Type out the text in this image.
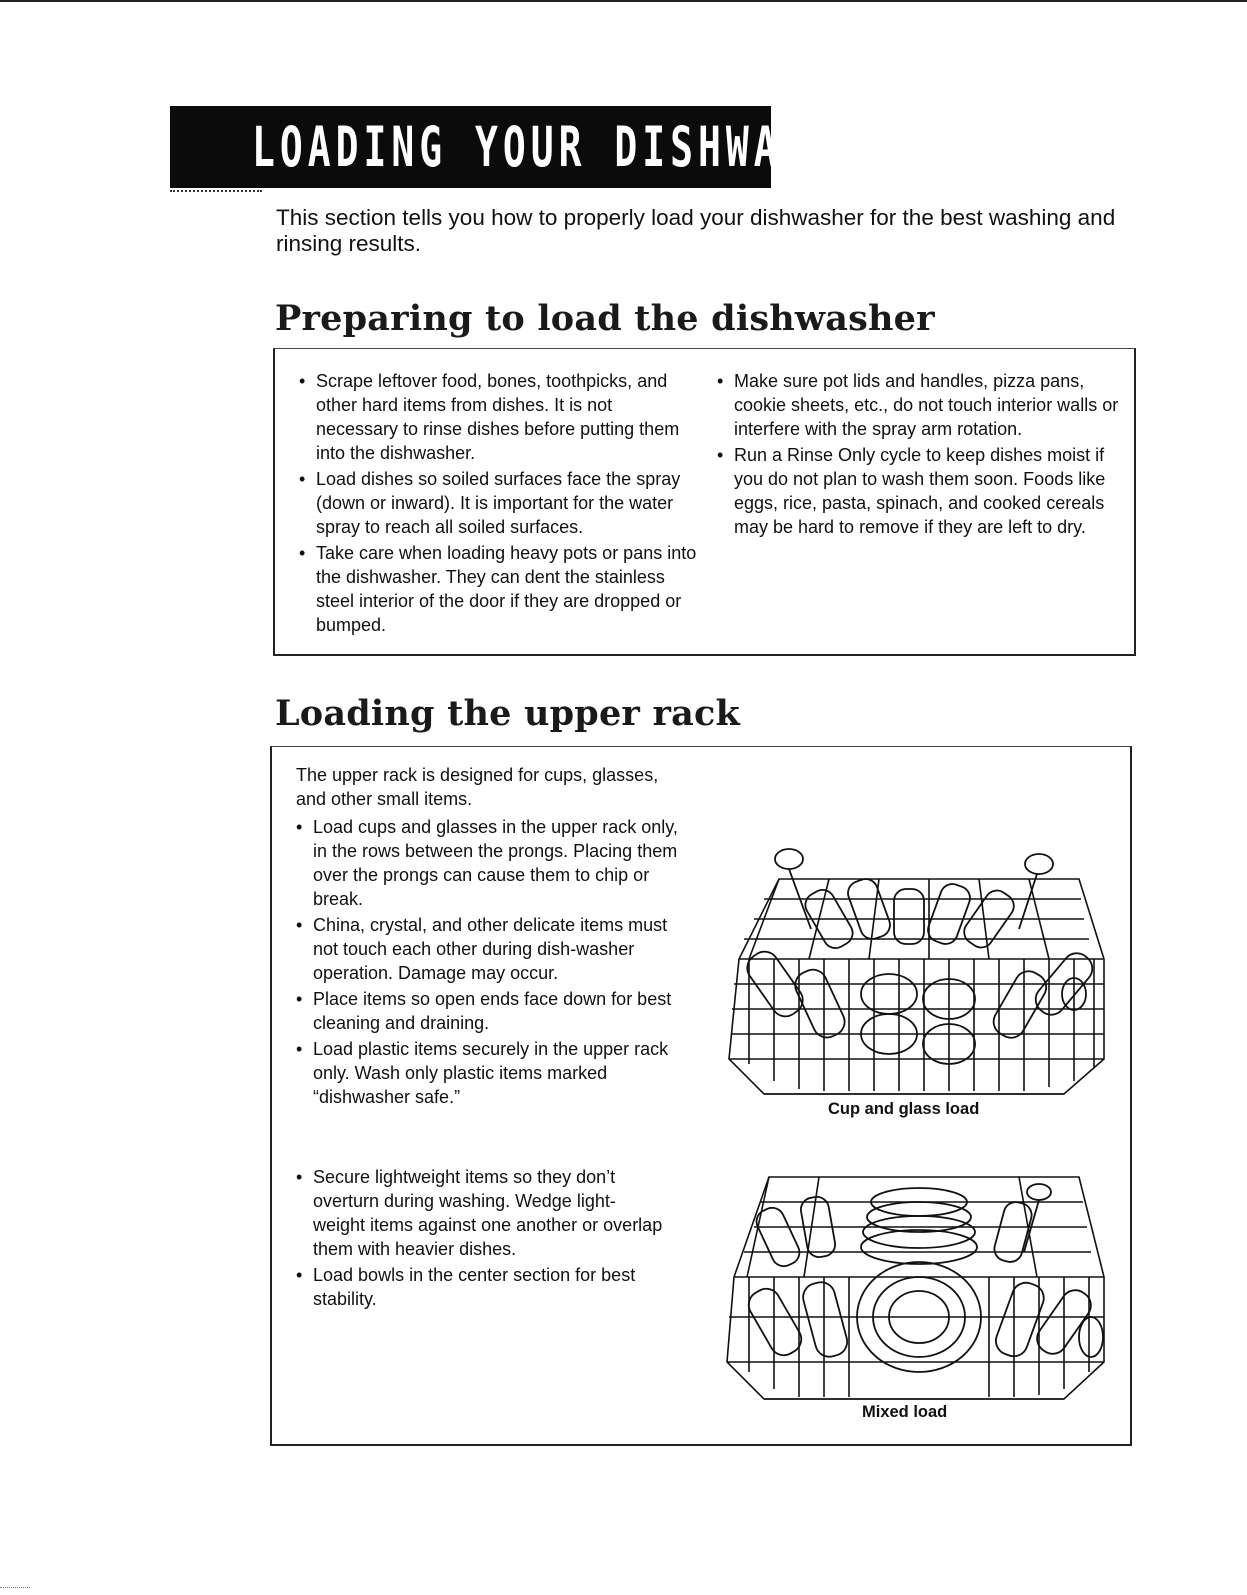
LOADING YOUR DISHWASHER
This section tells you how to properly load your dishwasher for the best washing and rinsing results.
Preparing to load the dishwasher
• Scrape leftover food, bones, toothpicks, and other hard items from dishes. It is not necessary to rinse dishes before putting them into the dishwasher.
• Load dishes so soiled surfaces face the spray (down or inward). It is important for the water spray to reach all soiled surfaces.
• Take care when loading heavy pots or pans into the dishwasher. They can dent the stainless steel interior of the door if they are dropped or bumped.
• Make sure pot lids and handles, pizza pans, cookie sheets, etc., do not touch interior walls or interfere with the spray arm rotation.
• Run a Rinse Only cycle to keep dishes moist if you do not plan to wash them soon. Foods like eggs, rice, pasta, spinach, and cooked cereals may be hard to remove if they are left to dry.
Loading the upper rack

The upper rack is designed for cups, glasses, and other small items.

• Load cups and glasses in the upper rack only, in the rows between the prongs. Placing them over the prongs can cause them to chip or break.
• China, crystal, and other delicate items must not touch each other during dish-washer operation. Damage may occur.
• Place items so open ends face down for best cleaning and draining.
• Load plastic items securely in the upper rack only. Wash only plastic items marked “dishwasher safe.”
• Secure lightweight items so they don’t overturn during washing. Wedge light-weight items against one another or overlap them with heavier dishes.
• Load bowls in the center section for best stability.
Cup and glass load
Mixed load
